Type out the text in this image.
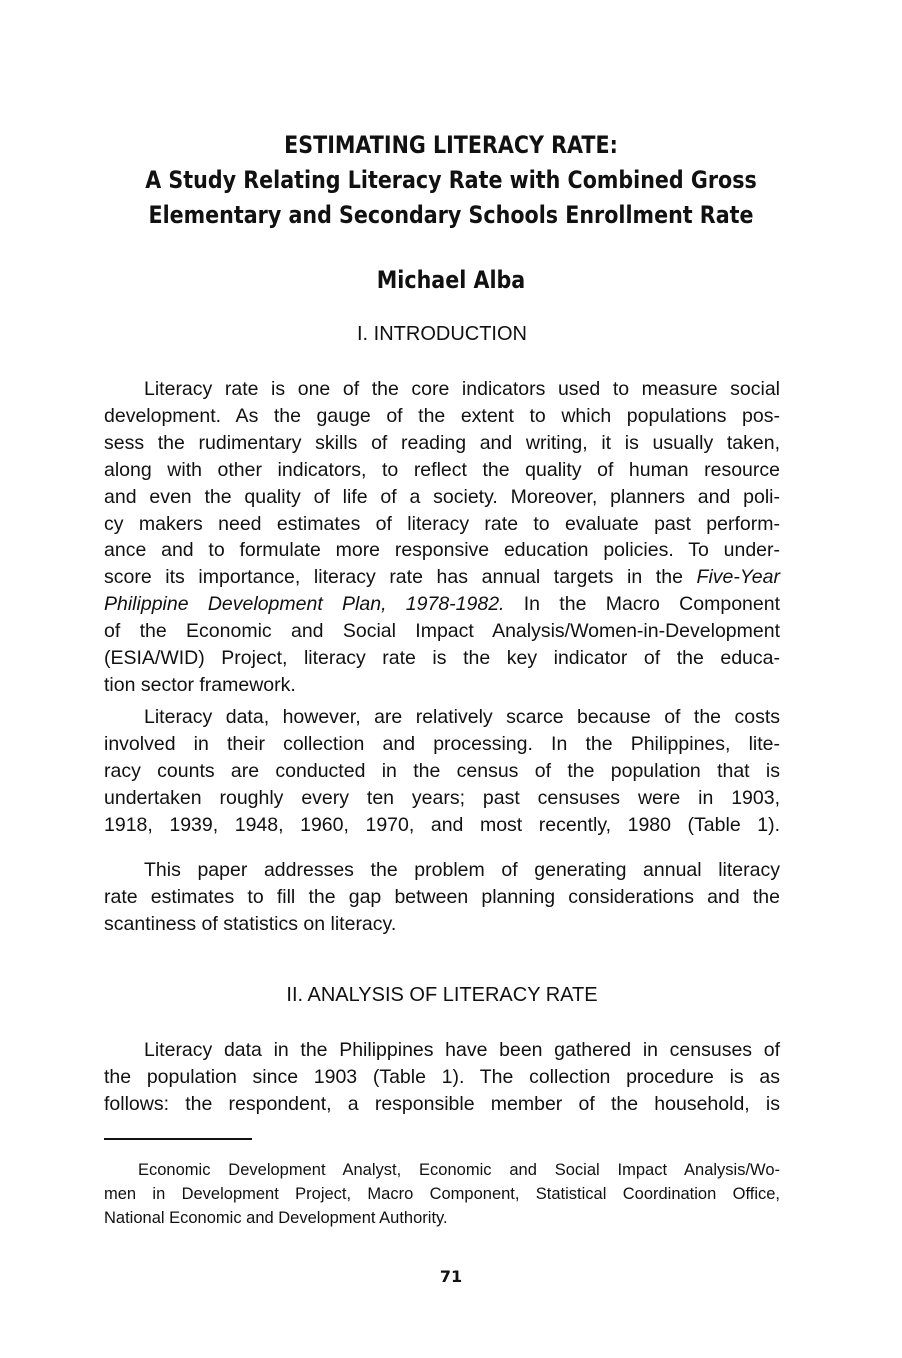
ESTIMATING LITERACY RATE:
A Study Relating Literacy Rate with Combined Gross
Elementary and Secondary Schools Enrollment Rate
Michael Alba
I. INTRODUCTION
Literacy rate is one of the core indicators used to measure social
development. As the gauge of the extent to which populations pos-
sess the rudimentary skills of reading and writing, it is usually taken,
along with other indicators, to reflect the quality of human resource
and even the quality of life of a society. Moreover, planners and poli-
cy makers need estimates of literacy rate to evaluate past perform-
ance and to formulate more responsive education policies. To under-
score its importance, literacy rate has annual targets in the Five-Year
Philippine Development Plan, 1978-1982. In the Macro Component
of the Economic and Social Impact Analysis/Women-in-Development
(ESIA/WID) Project, literacy rate is the key indicator of the educa-
tion sector framework.
Literacy data, however, are relatively scarce because of the costs
involved in their collection and processing. In the Philippines, lite-
racy counts are conducted in the census of the population that is
undertaken roughly every ten years; past censuses were in 1903,
1918, 1939, 1948, 1960, 1970, and most recently, 1980 (Table 1).
This paper addresses the problem of generating annual literacy
rate estimates to fill the gap between planning considerations and the
scantiness of statistics on literacy.
II. ANALYSIS OF LITERACY RATE
Literacy data in the Philippines have been gathered in censuses of
the population since 1903 (Table 1). The collection procedure is as
follows: the respondent, a responsible member of the household, is
Economic Development Analyst, Economic and Social Impact Analysis/Wo-
men in Development Project, Macro Component, Statistical Coordination Office,
National Economic and Development Authority.
71
